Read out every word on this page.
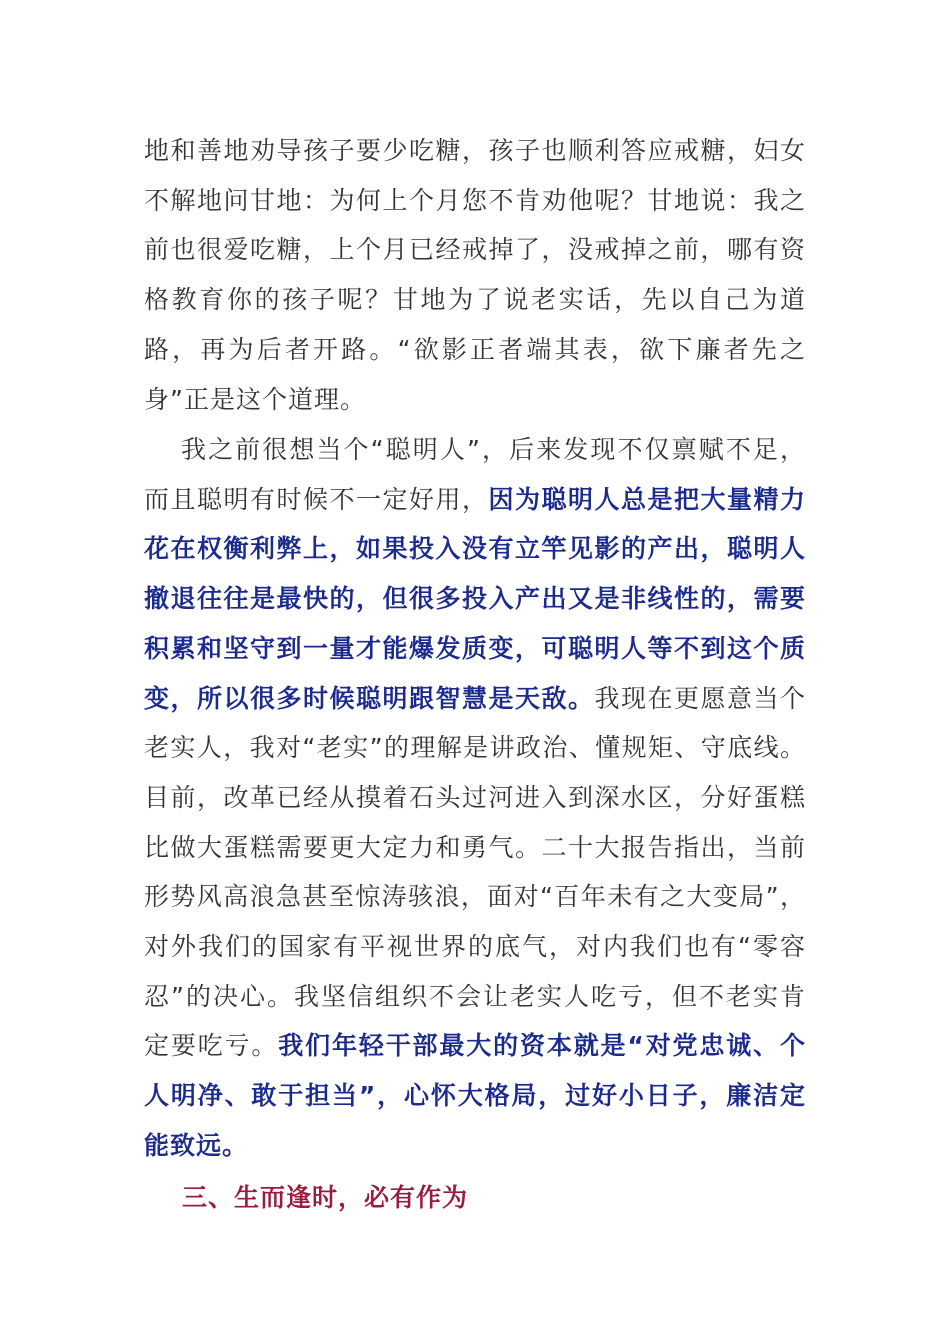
地和善地劝导孩子要少吃糖，孩子也顺利答应戒糖，妇女不解地问甘地：为何上个月您不肯劝他呢？甘地说：我之前也很爱吃糖，上个月已经戒掉了，没戒掉之前，哪有资格教育你的孩子呢？甘地为了说老实话，先以自己为道路，再为后者开路。“欲影正者端其表，欲下廉者先之身”正是这个道理。

我之前很想当个“聪明人”，后来发现不仅禀赋不足，而且聪明有时候不一定好用，因为聪明人总是把大量精力花在权衡利弊上，如果投入没有立竿见影的产出，聪明人撤退往往是最快的，但很多投入产出又是非线性的，需要积累和坚守到一量才能爆发质变，可聪明人等不到这个质变，所以很多时候聪明跟智慧是天敌。我现在更愿意当个老实人，我对“老实”的理解是讲政治、懂规矩、守底线。目前，改革已经从摸着石头过河进入到深水区，分好蛋糕比做大蛋糕需要更大定力和勇气。二十大报告指出，当前形势风高浪急甚至惊涛骇浪，面对“百年未有之大变局”，对外我们的国家有平视世界的底气，对内我们也有“零容忍”的决心。我坚信组织不会让老实人吃亏，但不老实肯定要吃亏。我们年轻干部最大的资本就是“对党忠诚、个人明净、敢于担当”，心怀大格局，过好小日子，廉洁定能致远。

三、生而逢时，必有作为
